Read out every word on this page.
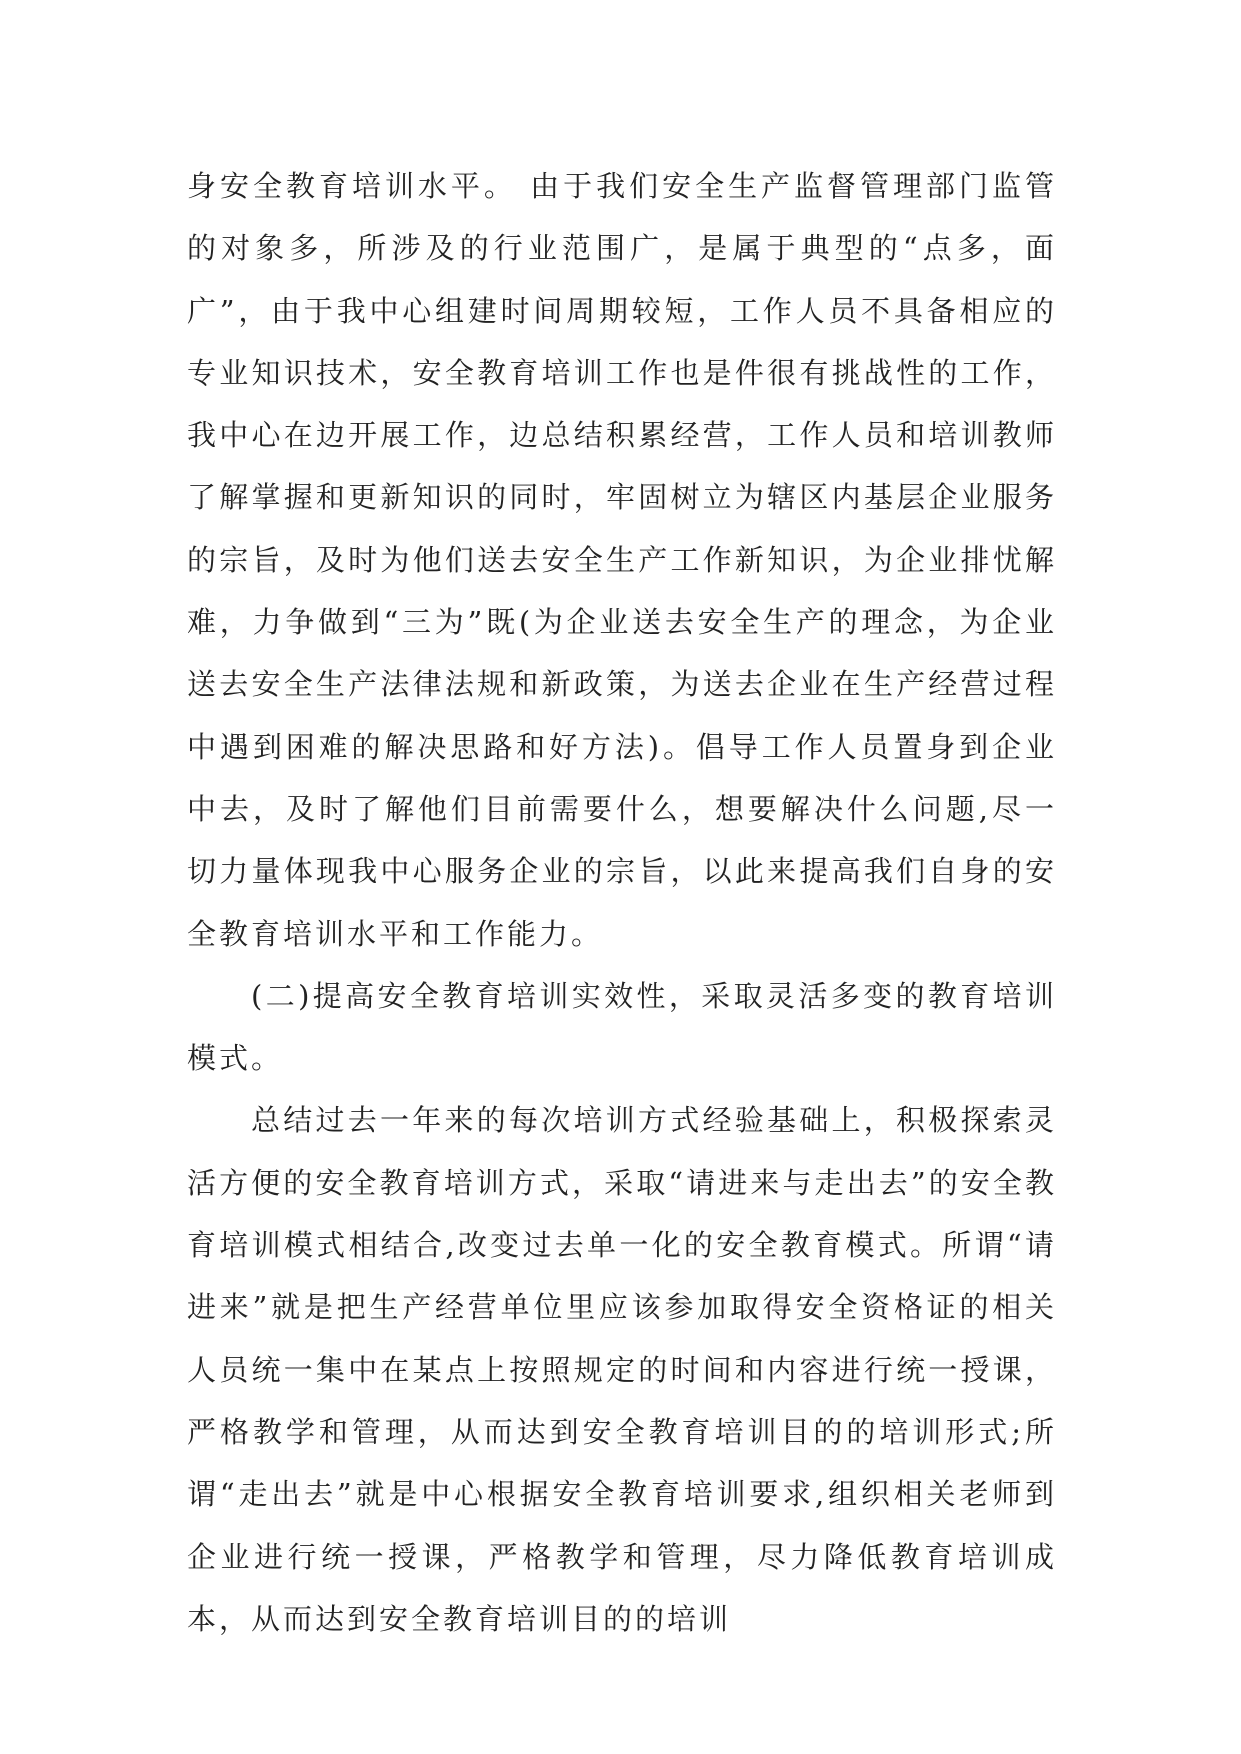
身安全教育培训水平。 由于我们安全生产监督管理部门监管的对象多，所涉及的行业范围广，是属于典型的“点多，面广”，由于我中心组建时间周期较短，工作人员不具备相应的专业知识技术，安全教育培训工作也是件很有挑战性的工作，我中心在边开展工作，边总结积累经营，工作人员和培训教师了解掌握和更新知识的同时，牢固树立为辖区内基层企业服务的宗旨，及时为他们送去安全生产工作新知识，为企业排忧解难，力争做到“三为”既(为企业送去安全生产的理念，为企业送去安全生产法律法规和新政策，为送去企业在生产经营过程中遇到困难的解决思路和好方法)。倡导工作人员置身到企业中去，及时了解他们目前需要什么，想要解决什么问题,尽一切力量体现我中心服务企业的宗旨，以此来提高我们自身的安全教育培训水平和工作能力。

(二)提高安全教育培训实效性，采取灵活多变的教育培训模式。

总结过去一年来的每次培训方式经验基础上，积极探索灵活方便的安全教育培训方式，采取“请进来与走出去”的安全教育培训模式相结合,改变过去单一化的安全教育模式。所谓“请进来”就是把生产经营单位里应该参加取得安全资格证的相关人员统一集中在某点上按照规定的时间和内容进行统一授课，严格教学和管理，从而达到安全教育培训目的的培训形式;所谓“走出去”就是中心根据安全教育培训要求,组织相关老师到企业进行统一授课，严格教学和管理，尽力降低教育培训成本，从而达到安全教育培训目的的培训
